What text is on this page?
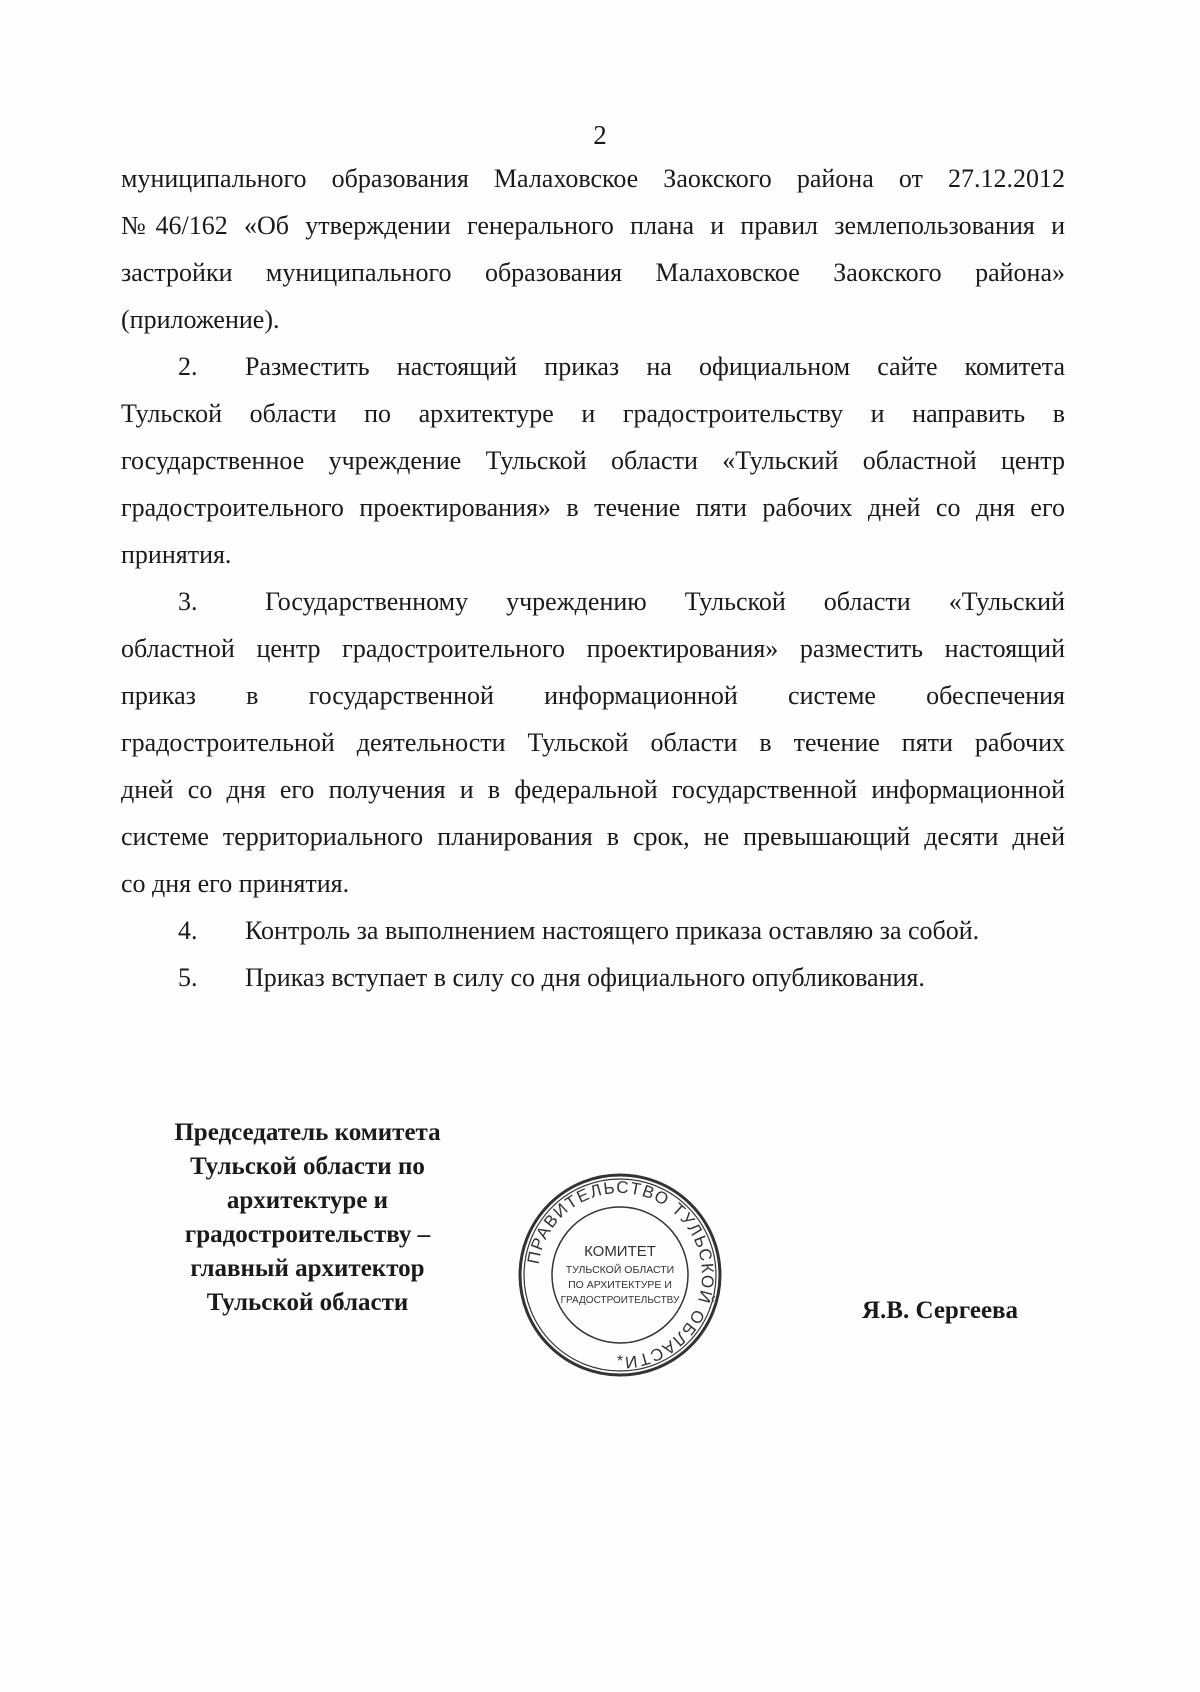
2
муниципального образования Малаховское Заокского района от 27.12.2012
№46/162 «Об утверждении генерального плана и правил землепользования и
застройки муниципального образования Малаховское Заокского района»
(приложение).
2. Разместить настоящий приказ на официальном сайте комитета
Тульской области по архитектуре и градостроительству и направить в
государственное учреждение Тульской области «Тульский областной центр
градостроительного проектирования» в течение пяти рабочих дней со дня его
принятия.
3.	Государственному учреждению Тульской области «Тульский
областной центр градостроительного проектирования» разместить настоящий
приказ в государственной информационной системе обеспечения
градостроительной деятельности Тульской области в течение пяти рабочих
дней со дня его получения и в федеральной государственной информационной
системе территориального планирования в срок, не превышающий десяти дней
со дня его принятия.
4. Контроль за выполнением настоящего приказа оставляю за собой.
5. Приказ вступает в силу со дня официального опубликования.
Председатель комитета
Тульской области по
архитектуре и
градостроительству –
главный архитектор
Тульской области
ПРАВИТЕЛЬСТВО ТУЛЬСКОЙ ОБЛАСТИ
КОМИТЕТ
ТУЛЬСКОЙ ОБЛАСТИ
ПО АРХИТЕКТУРЕ И
ГРАДОСТРОИТЕЛЬСТВУ
*
Я.В. Сергеева
